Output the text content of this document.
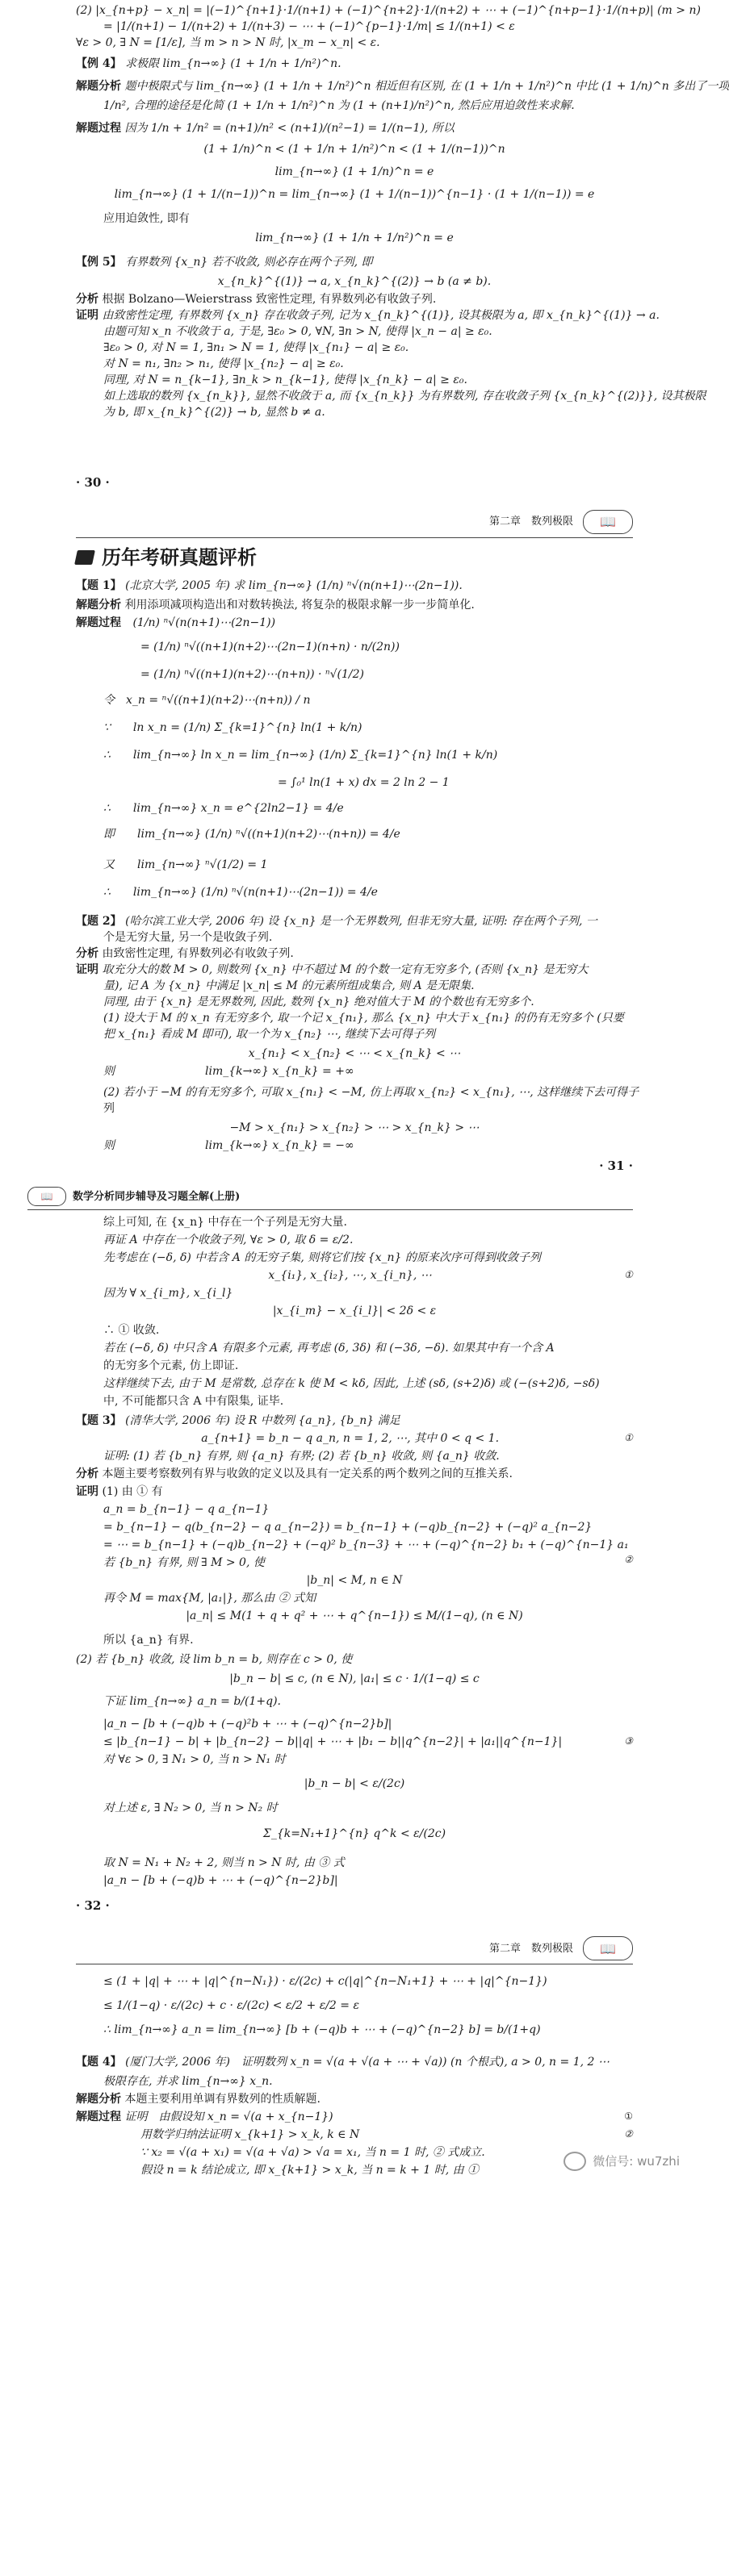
(2) |x_{n+p} − x_n| = |(−1)^{n+1}·1/(n+1) + (−1)^{n+2}·1/(n+2) + ⋯ + (−1)^{n+p−1}·1/(n+p)| (m > n)
= |1/(n+1) − 1/(n+2) + 1/(n+3) − ⋯ + (−1)^{p−1}·1/m| ≤ 1/(n+1) < ε
∀ε > 0, ∃ N = [1/ε], 当 m > n > N 时, |x_m − x_n| < ε.
【例 4】 求极限 lim_{n→∞} (1 + 1/n + 1/n²)^n.
解题分析 题中极限式与 lim_{n→∞} (1 + 1/n + 1/n²)^n 相近但有区别, 在 (1 + 1/n + 1/n²)^n 中比 (1 + 1/n)^n 多出了一项
1/n², 合理的途径是化简 (1 + 1/n + 1/n²)^n 为 (1 + (n+1)/n²)^n, 然后应用迫敛性来求解.
解题过程 因为 1/n + 1/n² = (n+1)/n² < (n+1)/(n²−1) = 1/(n−1), 所以
(1 + 1/n)^n < (1 + 1/n + 1/n²)^n < (1 + 1/(n−1))^n
lim_{n→∞} (1 + 1/n)^n = e
lim_{n→∞} (1 + 1/(n−1))^n = lim_{n→∞} (1 + 1/(n−1))^{n−1} · (1 + 1/(n−1)) = e
应用迫敛性, 即有
lim_{n→∞} (1 + 1/n + 1/n²)^n = e
【例 5】 有界数列 {x_n} 若不收敛, 则必存在两个子列, 即
x_{n_k}^{(1)} → a, x_{n_k}^{(2)} → b (a ≠ b).
分析 根据 Bolzano—Weierstrass 致密性定理, 有界数列必有收敛子列.
证明 由致密性定理, 有界数列 {x_n} 存在收敛子列, 记为 x_{n_k}^{(1)}, 设其极限为 a, 即 x_{n_k}^{(1)} → a.
由题可知 x_n 不收敛于 a, 于是, ∃ε₀ > 0, ∀N, ∃n > N, 使得 |x_n − a| ≥ ε₀.
∃ε₀ > 0, 对 N = 1, ∃n₁ > N = 1, 使得 |x_{n₁} − a| ≥ ε₀.
对 N = n₁, ∃n₂ > n₁, 使得 |x_{n₂} − a| ≥ ε₀.
同理, 对 N = n_{k−1}, ∃n_k > n_{k−1}, 使得 |x_{n_k} − a| ≥ ε₀.
如上选取的数列 {x_{n_k}}, 显然不收敛于 a, 而 {x_{n_k}} 为有界数列, 存在收敛子列 {x_{n_k}^{(2)}}, 设其极限
为 b, 即 x_{n_k}^{(2)} → b, 显然 b ≠ a.
· 30 ·
第二章　数列极限	📖
历年考研真题评析
【题 1】 (北京大学, 2005 年) 求 lim_{n→∞} (1/n) ⁿ√(n(n+1)⋯(2n−1)).
解题分析 利用添项减项构造出和对数转换法, 将复杂的极限求解一步一步简单化.
解题过程 (1/n) ⁿ√(n(n+1)⋯(2n−1))
= (1/n) ⁿ√((n+1)(n+2)⋯(2n−1)(n+n) · n/(2n))
= (1/n) ⁿ√((n+1)(n+2)⋯(n+n)) · ⁿ√(1/2)
令　x_n = ⁿ√((n+1)(n+2)⋯(n+n)) / n
∵　　ln x_n = (1/n) Σ_{k=1}^{n} ln(1 + k/n)
∴　　lim_{n→∞} ln x_n = lim_{n→∞} (1/n) Σ_{k=1}^{n} ln(1 + k/n)
= ∫₀¹ ln(1 + x) dx = 2 ln 2 − 1
∴　　lim_{n→∞} x_n = e^{2ln2−1} = 4/e
即　　lim_{n→∞} (1/n) ⁿ√((n+1)(n+2)⋯(n+n)) = 4/e
又　　lim_{n→∞} ⁿ√(1/2) = 1
∴　　lim_{n→∞} (1/n) ⁿ√(n(n+1)⋯(2n−1)) = 4/e
【题 2】 (哈尔滨工业大学, 2006 年) 设 {x_n} 是一个无界数列, 但非无穷大量, 证明: 存在两个子列, 一
个是无穷大量, 另一个是收敛子列.
分析 由致密性定理, 有界数列必有收敛子列.
证明 取充分大的数 M > 0, 则数列 {x_n} 中不超过 M 的个数一定有无穷多个, (否则 {x_n} 是无穷大
量), 记 A 为 {x_n} 中满足 |x_n| ≤ M 的元素所组成集合, 则 A 是无限集.
同理, 由于 {x_n} 是无界数列, 因此, 数列 {x_n} 绝对值大于 M 的个数也有无穷多个.
(1) 设大于 M 的 x_n 有无穷多个, 取一个记 x_{n₁}, 那么 {x_n} 中大于 x_{n₁} 的仍有无穷多个 (只要
把 x_{n₁} 看成 M 即可), 取一个为 x_{n₂} ⋯, 继续下去可得子列
x_{n₁} < x_{n₂} < ⋯ < x_{n_k} < ⋯
则　　　　　　　　lim_{k→∞} x_{n_k} = +∞
(2) 若小于 −M 的有无穷多个, 可取 x_{n₁} < −M, 仿上再取 x_{n₂} < x_{n₁}, ⋯, 这样继续下去可得子
列
−M > x_{n₁} > x_{n₂} > ⋯ > x_{n_k} > ⋯
则　　　　　　　　lim_{k→∞} x_{n_k} = −∞
· 31 ·
📖	数学分析同步辅导及习题全解(上册)
综上可知, 在 {x_n} 中存在一个子列是无穷大量.
再证 A 中存在一个收敛子列, ∀ε > 0, 取 δ = ε/2.
先考虑在 (−δ, δ) 中若含 A 的无穷子集, 则将它们按 {x_n} 的原来次序可得到收敛子列
x_{i₁}, x_{i₂}, ⋯, x_{i_n}, ⋯	①
因为 ∀ x_{i_m}, x_{i_l}
|x_{i_m} − x_{i_l}| < 2δ < ε
∴ ① 收敛.
若在 (−δ, δ) 中只含 A 有限多个元素, 再考虑 (δ, 3δ) 和 (−3δ, −δ). 如果其中有一个含 A
的无穷多个元素, 仿上即证.
这样继续下去, 由于 M 是常数, 总存在 k 使 M < kδ, 因此, 上述 (sδ, (s+2)δ) 或 (−(s+2)δ, −sδ)
中, 不可能都只含 A 中有限集, 证毕.
【题 3】 (清华大学, 2006 年) 设 R 中数列 {a_n}, {b_n} 满足
a_{n+1} = b_n − q a_n, n = 1, 2, ⋯, 其中 0 < q < 1.	①
证明: (1) 若 {b_n} 有界, 则 {a_n} 有界; (2) 若 {b_n} 收敛, 则 {a_n} 收敛.
分析 本题主要考察数列有界与收敛的定义以及具有一定关系的两个数列之间的互推关系.
证明 (1) 由 ① 有
a_n = b_{n−1} − q a_{n−1}
= b_{n−1} − q(b_{n−2} − q a_{n−2}) = b_{n−1} + (−q)b_{n−2} + (−q)² a_{n−2}
= ⋯ = b_{n−1} + (−q)b_{n−2} + (−q)² b_{n−3} + ⋯ + (−q)^{n−2} b₁ + (−q)^{n−1} a₁
②
若 {b_n} 有界, 则 ∃ M > 0, 使
|b_n| < M, n ∈ N
再令 M = max{M, |a₁|}, 那么由 ② 式知
|a_n| ≤ M(1 + q + q² + ⋯ + q^{n−1}) ≤ M/(1−q), (n ∈ N)
所以 {a_n} 有界.
(2) 若 {b_n} 收敛, 设 lim b_n = b, 则存在 c > 0, 使
|b_n − b| ≤ c, (n ∈ N), |a₁| ≤ c · 1/(1−q) ≤ c
下证 lim_{n→∞} a_n = b/(1+q).
|a_n − [b + (−q)b + (−q)²b + ⋯ + (−q)^{n−2}b]|
≤ |b_{n−1} − b| + |b_{n−2} − b||q| + ⋯ + |b₁ − b||q^{n−2}| + |a₁||q^{n−1}|	③
对 ∀ε > 0, ∃ N₁ > 0, 当 n > N₁ 时
|b_n − b| < ε/(2c)
对上述 ε, ∃ N₂ > 0, 当 n > N₂ 时
Σ_{k=N₁+1}^{n} q^k < ε/(2c)
取 N = N₁ + N₂ + 2, 则当 n > N 时, 由 ③ 式
|a_n − [b + (−q)b + ⋯ + (−q)^{n−2}b]|
· 32 ·
第二章　数列极限	📖
≤ (1 + |q| + ⋯ + |q|^{n−N₁}) · ε/(2c) + c(|q|^{n−N₁+1} + ⋯ + |q|^{n−1})
≤ 1/(1−q) · ε/(2c) + c · ε/(2c) < ε/2 + ε/2 = ε
∴ lim_{n→∞} a_n = lim_{n→∞} [b + (−q)b + ⋯ + (−q)^{n−2} b] = b/(1+q)
【题 4】 (厦门大学, 2006 年)　证明数列 x_n = √(a + √(a + ⋯ + √a)) (n 个根式), a > 0, n = 1, 2 ⋯
极限存在, 并求 lim_{n→∞} x_n.
解题分析 本题主要利用单调有界数列的性质解题.
解题过程 证明　由假设知 x_n = √(a + x_{n−1})	①
用数学归纳法证明 x_{k+1} > x_k, k ∈ N	②
∵ x₂ = √(a + x₁) = √(a + √a) > √a = x₁, 当 n = 1 时, ② 式成立.
假设 n = k 结论成立, 即 x_{k+1} > x_k, 当 n = k + 1 时, 由 ①
微信号: wu7zhi
